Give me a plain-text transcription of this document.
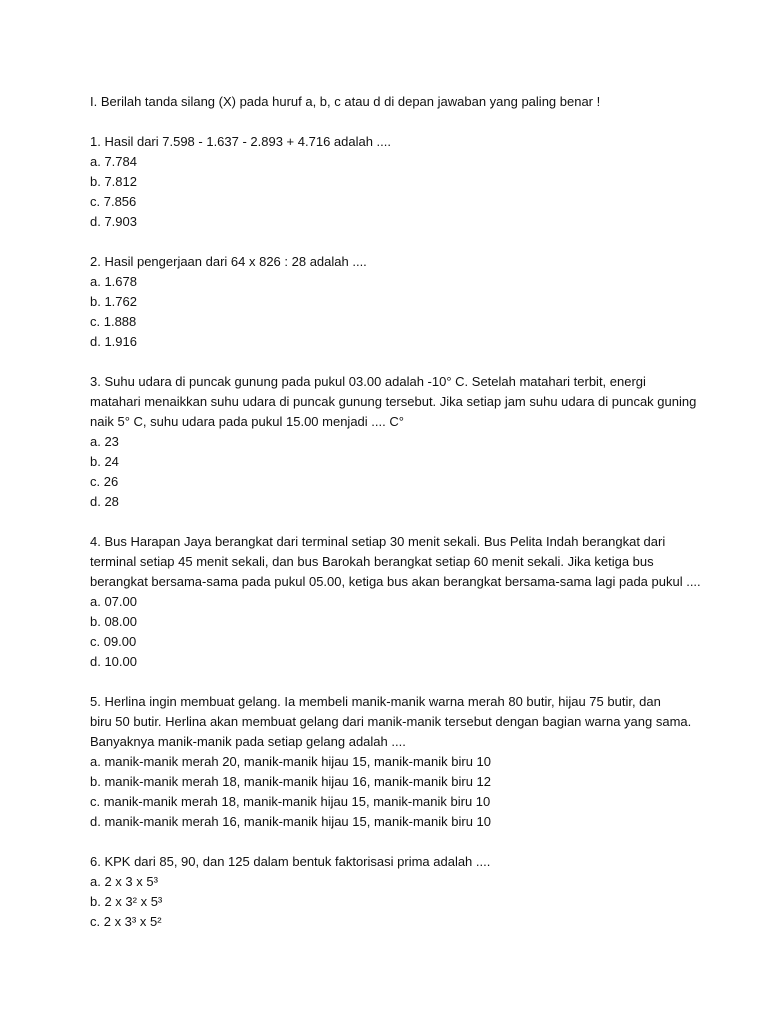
I. Berilah tanda silang (X) pada huruf a, b, c atau d di depan jawaban yang paling benar !

1. Hasil dari 7.598 - 1.637 - 2.893 + 4.716 adalah ....

a. 7.784

b. 7.812

c. 7.856

d. 7.903

2. Hasil pengerjaan dari 64 x 826 : 28 adalah ....

a. 1.678

b. 1.762

c. 1.888

d. 1.916

3. Suhu udara di puncak gunung pada pukul 03.00 adalah -10° C. Setelah matahari terbit, energi
matahari menaikkan suhu udara di puncak gunung tersebut. Jika setiap jam suhu udara di puncak guning
naik 5° C, suhu udara pada pukul 15.00 menjadi .... C°

a. 23

b. 24

c. 26

d. 28

4. Bus Harapan Jaya berangkat dari terminal setiap 30 menit sekali. Bus Pelita Indah berangkat dari
terminal setiap 45 menit sekali, dan bus Barokah berangkat setiap 60 menit sekali. Jika ketiga bus
berangkat bersama-sama pada pukul 05.00, ketiga bus akan berangkat bersama-sama lagi pada pukul ....

a. 07.00

b. 08.00

c. 09.00

d. 10.00

5. Herlina ingin membuat gelang. Ia membeli manik-manik warna merah 80 butir, hijau 75 butir, dan
biru 50 butir. Herlina akan membuat gelang dari manik-manik tersebut dengan bagian warna yang sama.
Banyaknya manik-manik pada setiap gelang adalah ....

a. manik-manik merah 20, manik-manik hijau 15, manik-manik biru 10

b. manik-manik merah 18, manik-manik hijau 16, manik-manik biru 12

c. manik-manik merah 18, manik-manik hijau 15, manik-manik biru 10

d. manik-manik merah 16, manik-manik hijau 15, manik-manik biru 10

6. KPK dari 85, 90, dan 125 dalam bentuk faktorisasi prima adalah ....

a. 2 x 3 x 5³

b. 2 x 3² x 5³

c. 2 x 3³ x 5²
